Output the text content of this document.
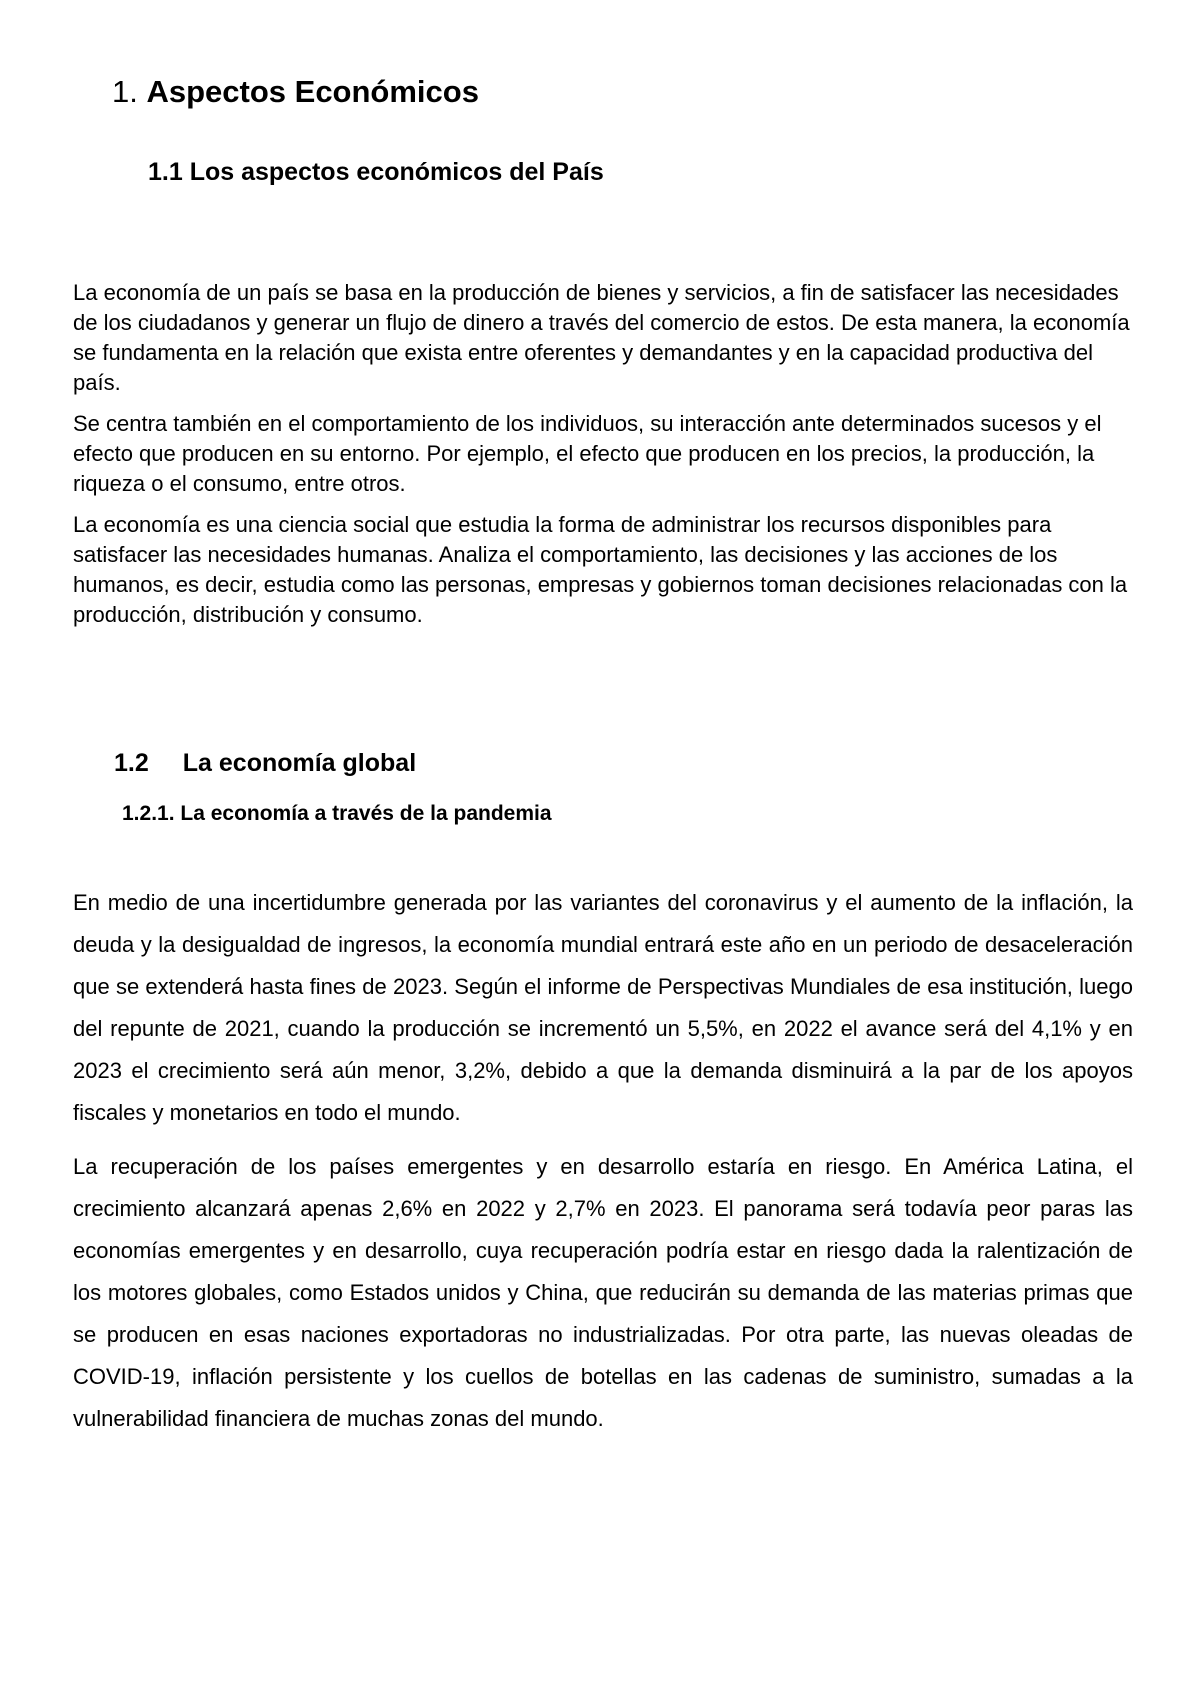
1. Aspectos Económicos
1.1 Los aspectos económicos del País

La economía de un país se basa en la producción de bienes y servicios, a fin de satisfacer las necesidades de los ciudadanos y generar un flujo de dinero a través del comercio de estos. De esta manera, la economía se fundamenta en la relación que exista entre oferentes y demandantes y en la capacidad productiva del país.

Se centra también en el comportamiento de los individuos, su interacción ante determinados sucesos y el efecto que producen en su entorno. Por ejemplo, el efecto que producen en los precios, la producción, la riqueza o el consumo, entre otros.

La economía es una ciencia social que estudia la forma de administrar los recursos disponibles para satisfacer las necesidades humanas. Analiza el comportamiento, las decisiones y las acciones de los humanos, es decir, estudia como las personas, empresas y gobiernos toman decisiones relacionadas con la producción, distribución y consumo.

1.2 La economía global
1.2.1. La economía a través de la pandemia

En medio de una incertidumbre generada por las variantes del coronavirus y el aumento de la inflación, la deuda y la desigualdad de ingresos, la economía mundial entrará este año en un periodo de desaceleración que se extenderá hasta fines de 2023. Según el informe de Perspectivas Mundiales de esa institución, luego del repunte de 2021, cuando la producción se incrementó un 5,5%, en 2022 el avance será del 4,1% y en 2023 el crecimiento será aún menor, 3,2%, debido a que la demanda disminuirá a la par de los apoyos fiscales y monetarios en todo el mundo.

La recuperación de los países emergentes y en desarrollo estaría en riesgo. En América Latina, el crecimiento alcanzará apenas 2,6% en 2022 y 2,7% en 2023. El panorama será todavía peor paras las economías emergentes y en desarrollo, cuya recuperación podría estar en riesgo dada la ralentización de los motores globales, como Estados unidos y China, que reducirán su demanda de las materias primas que se producen en esas naciones exportadoras no industrializadas. Por otra parte, las nuevas oleadas de COVID-19, inflación persistente y los cuellos de botellas en las cadenas de suministro, sumadas a la vulnerabilidad financiera de muchas zonas del mundo.
